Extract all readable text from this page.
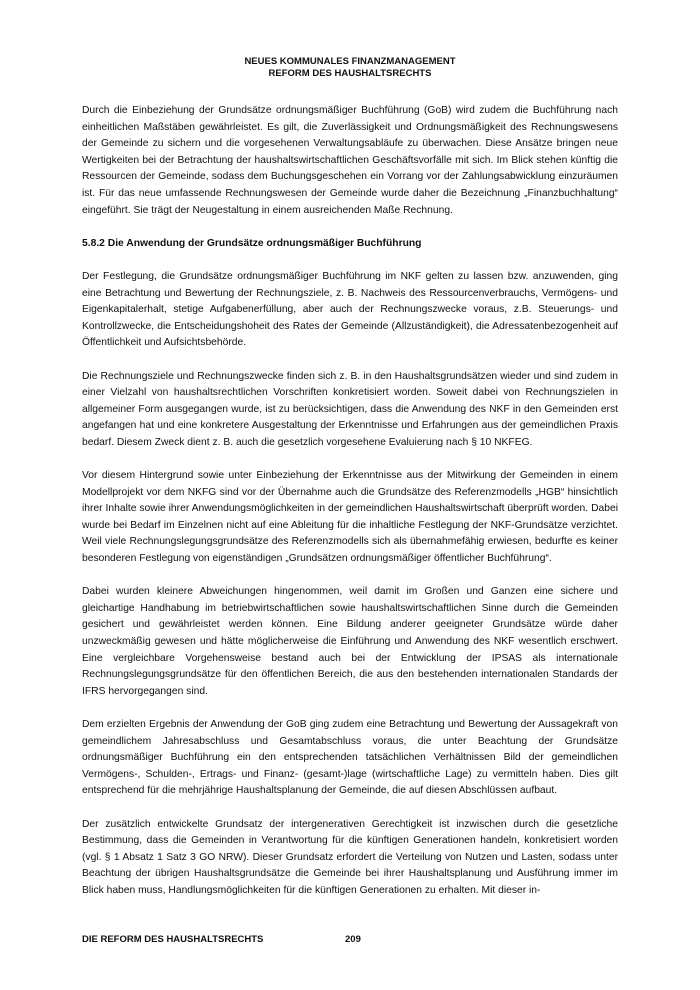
NEUES KOMMUNALES FINANZMANAGEMENT
REFORM DES HAUSHALTSRECHTS

Durch die Einbeziehung der Grundsätze ordnungsmäßiger Buchführung (GoB) wird zudem die Buchführung nach einheitlichen Maßstäben gewährleistet. Es gilt, die Zuverlässigkeit und Ordnungsmäßigkeit des Rechnungswesens der Gemeinde zu sichern und die vorgesehenen Verwaltungsabläufe zu überwachen. Diese Ansätze bringen neue Wertigkeiten bei der Betrachtung der haushaltswirtschaftlichen Geschäftsvorfälle mit sich. Im Blick stehen künftig die Ressourcen der Gemeinde, sodass dem Buchungsgeschehen ein Vorrang vor der Zahlungsabwicklung einzuräumen ist. Für das neue umfassende Rechnungswesen der Gemeinde wurde daher die Bezeichnung „Finanzbuchhaltung“ eingeführt. Sie trägt der Neugestaltung in einem ausreichenden Maße Rechnung.

5.8.2 Die Anwendung der Grundsätze ordnungsmäßiger Buchführung

Der Festlegung, die Grundsätze ordnungsmäßiger Buchführung im NKF gelten zu lassen bzw. anzuwenden, ging eine Betrachtung und Bewertung der Rechnungsziele, z. B. Nachweis des Ressourcenverbrauchs, Vermögens- und Eigenkapitalerhalt, stetige Aufgabenerfüllung, aber auch der Rechnungszwecke voraus, z.B. Steuerungs- und Kontrollzwecke, die Entscheidungshoheit des Rates der Gemeinde (Allzuständigkeit), die Adressatenbezogenheit auf Öffentlichkeit und Aufsichtsbehörde.

Die Rechnungsziele und Rechnungszwecke finden sich z. B. in den Haushaltsgrundsätzen wieder und sind zudem in einer Vielzahl von haushaltsrechtlichen Vorschriften konkretisiert worden. Soweit dabei von Rechnungszielen in allgemeiner Form ausgegangen wurde, ist zu berücksichtigen, dass die Anwendung des NKF in den Gemeinden erst angefangen hat und eine konkretere Ausgestaltung der Erkenntnisse und Erfahrungen aus der gemeindlichen Praxis bedarf. Diesem Zweck dient z. B. auch die gesetzlich vorgesehene Evaluierung nach § 10 NKFEG.

Vor diesem Hintergrund sowie unter Einbeziehung der Erkenntnisse aus der Mitwirkung der Gemeinden in einem Modellprojekt vor dem NKFG sind vor der Übernahme auch die Grundsätze des Referenzmodells „HGB“ hinsichtlich ihrer Inhalte sowie ihrer Anwendungsmöglichkeiten in der gemeindlichen Haushaltswirtschaft überprüft worden. Dabei wurde bei Bedarf im Einzelnen nicht auf eine Ableitung für die inhaltliche Festlegung der NKF-Grundsätze verzichtet. Weil viele Rechnungslegungsgrundsätze des Referenzmodells sich als übernahmefähig erwiesen, bedurfte es keiner besonderen Festlegung von eigenständigen „Grundsätzen ordnungsmäßiger öffentlicher Buchführung“.

Dabei wurden kleinere Abweichungen hingenommen, weil damit im Großen und Ganzen eine sichere und gleichartige Handhabung im betriebwirtschaftlichen sowie haushaltswirtschaftlichen Sinne durch die Gemeinden gesichert und gewährleistet werden können. Eine Bildung anderer geeigneter Grundsätze würde daher unzweckmäßig gewesen und hätte möglicherweise die Einführung und Anwendung des NKF wesentlich erschwert. Eine vergleichbare Vorgehensweise bestand auch bei der Entwicklung der IPSAS als internationale Rechnungslegungsgrundsätze für den öffentlichen Bereich, die aus den bestehenden internationalen Standards der IFRS hervorgegangen sind.

Dem erzielten Ergebnis der Anwendung der GoB ging zudem eine Betrachtung und Bewertung der Aussagekraft von gemeindlichem Jahresabschluss und Gesamtabschluss voraus, die unter Beachtung der Grundsätze ordnungsmäßiger Buchführung ein den entsprechenden tatsächlichen Verhältnissen Bild der gemeindlichen Vermögens-, Schulden-, Ertrags- und Finanz- (gesamt-)lage (wirtschaftliche Lage) zu vermitteln haben. Dies gilt entsprechend für die mehrjährige Haushaltsplanung der Gemeinde, die auf diesen Abschlüssen aufbaut.

Der zusätzlich entwickelte Grundsatz der intergenerativen Gerechtigkeit ist inzwischen durch die gesetzliche Bestimmung, dass die Gemeinden in Verantwortung für die künftigen Generationen handeln, konkretisiert worden (vgl. § 1 Absatz 1 Satz 3 GO NRW). Dieser Grundsatz erfordert die Verteilung von Nutzen und Lasten, sodass unter Beachtung der übrigen Haushaltsgrundsätze die Gemeinde bei ihrer Haushaltsplanung und Ausführung immer im Blick haben muss, Handlungsmöglichkeiten für die künftigen Generationen zu erhalten. Mit dieser in-

DIE REFORM DES HAUSHALTSRECHTS	209
